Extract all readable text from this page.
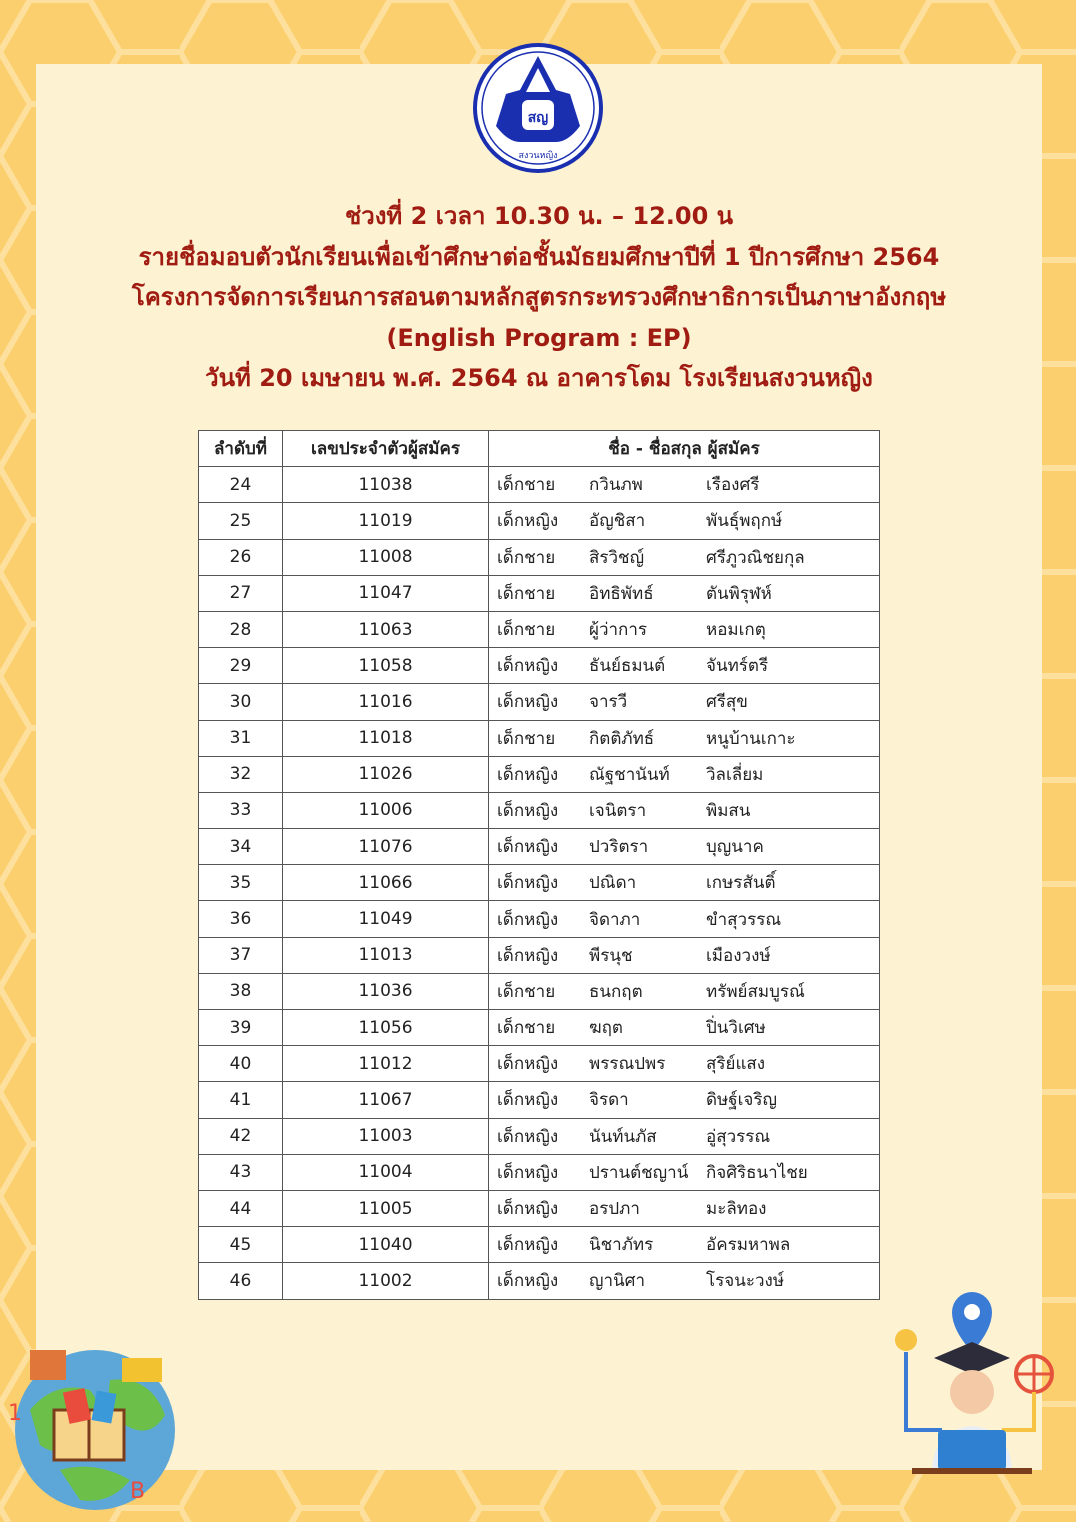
สญ
สงวนหญิง
ช่วงที่ 2 เวลา 10.30 น. – 12.00 น
รายชื่อมอบตัวนักเรียนเพื่อเข้าศึกษาต่อชั้นมัธยมศึกษาปีที่ 1 ปีการศึกษา 2564
โครงการจัดการเรียนการสอนตามหลักสูตรกระทรวงศึกษาธิการเป็นภาษาอังกฤษ
(English Program : EP)
วันที่ 20 เมษายน พ.ศ. 2564 ณ อาคารโดม โรงเรียนสงวนหญิง
ลำดับที่	เลขประจำตัวผู้สมัคร	ชื่อ - ชื่อสกุล ผู้สมัคร
24	11038	เด็กชาย กวินภพ เรืองศรี
25	11019	เด็กหญิง อัญชิสา พันธุ์พฤกษ์
26	11008	เด็กชาย สิรวิชญ์ ศรีภูวณิชยกุล
27	11047	เด็กชาย อิทธิพัทธ์ ตันพิรุฬห์
28	11063	เด็กชาย ผู้ว่าการ หอมเกตุ
29	11058	เด็กหญิง ธันย์ธมนต์ จันทร์ตรี
30	11016	เด็กหญิง จารวี ศรีสุข
31	11018	เด็กชาย กิตติภัทธ์ หนูบ้านเกาะ
32	11026	เด็กหญิง ณัฐชานันท์ วิลเลี่ยม
33	11006	เด็กหญิง เจนิตรา พิมสน
34	11076	เด็กหญิง ปวริตรา บุญนาค
35	11066	เด็กหญิง ปณิดา เกษรสันติ์
36	11049	เด็กหญิง จิดาภา ขำสุวรรณ
37	11013	เด็กหญิง พีรนุช เมืองวงษ์
38	11036	เด็กชาย ธนกฤต ทรัพย์สมบูรณ์
39	11056	เด็กชาย ฆฤต ปิ่นวิเศษ
40	11012	เด็กหญิง พรรณปพร สุริย์แสง
41	11067	เด็กหญิง จิรดา ดิษฐ์เจริญ
42	11003	เด็กหญิง นันท์นภัส อู่สุวรรณ
43	11004	เด็กหญิง ปรานต์ชญาน์ กิจศิริธนาไชย
44	11005	เด็กหญิง อรปภา มะลิทอง
45	11040	เด็กหญิง นิชาภัทร อัครมหาพล
46	11002	เด็กหญิง ญานิศา โรจนะวงษ์
1
B
